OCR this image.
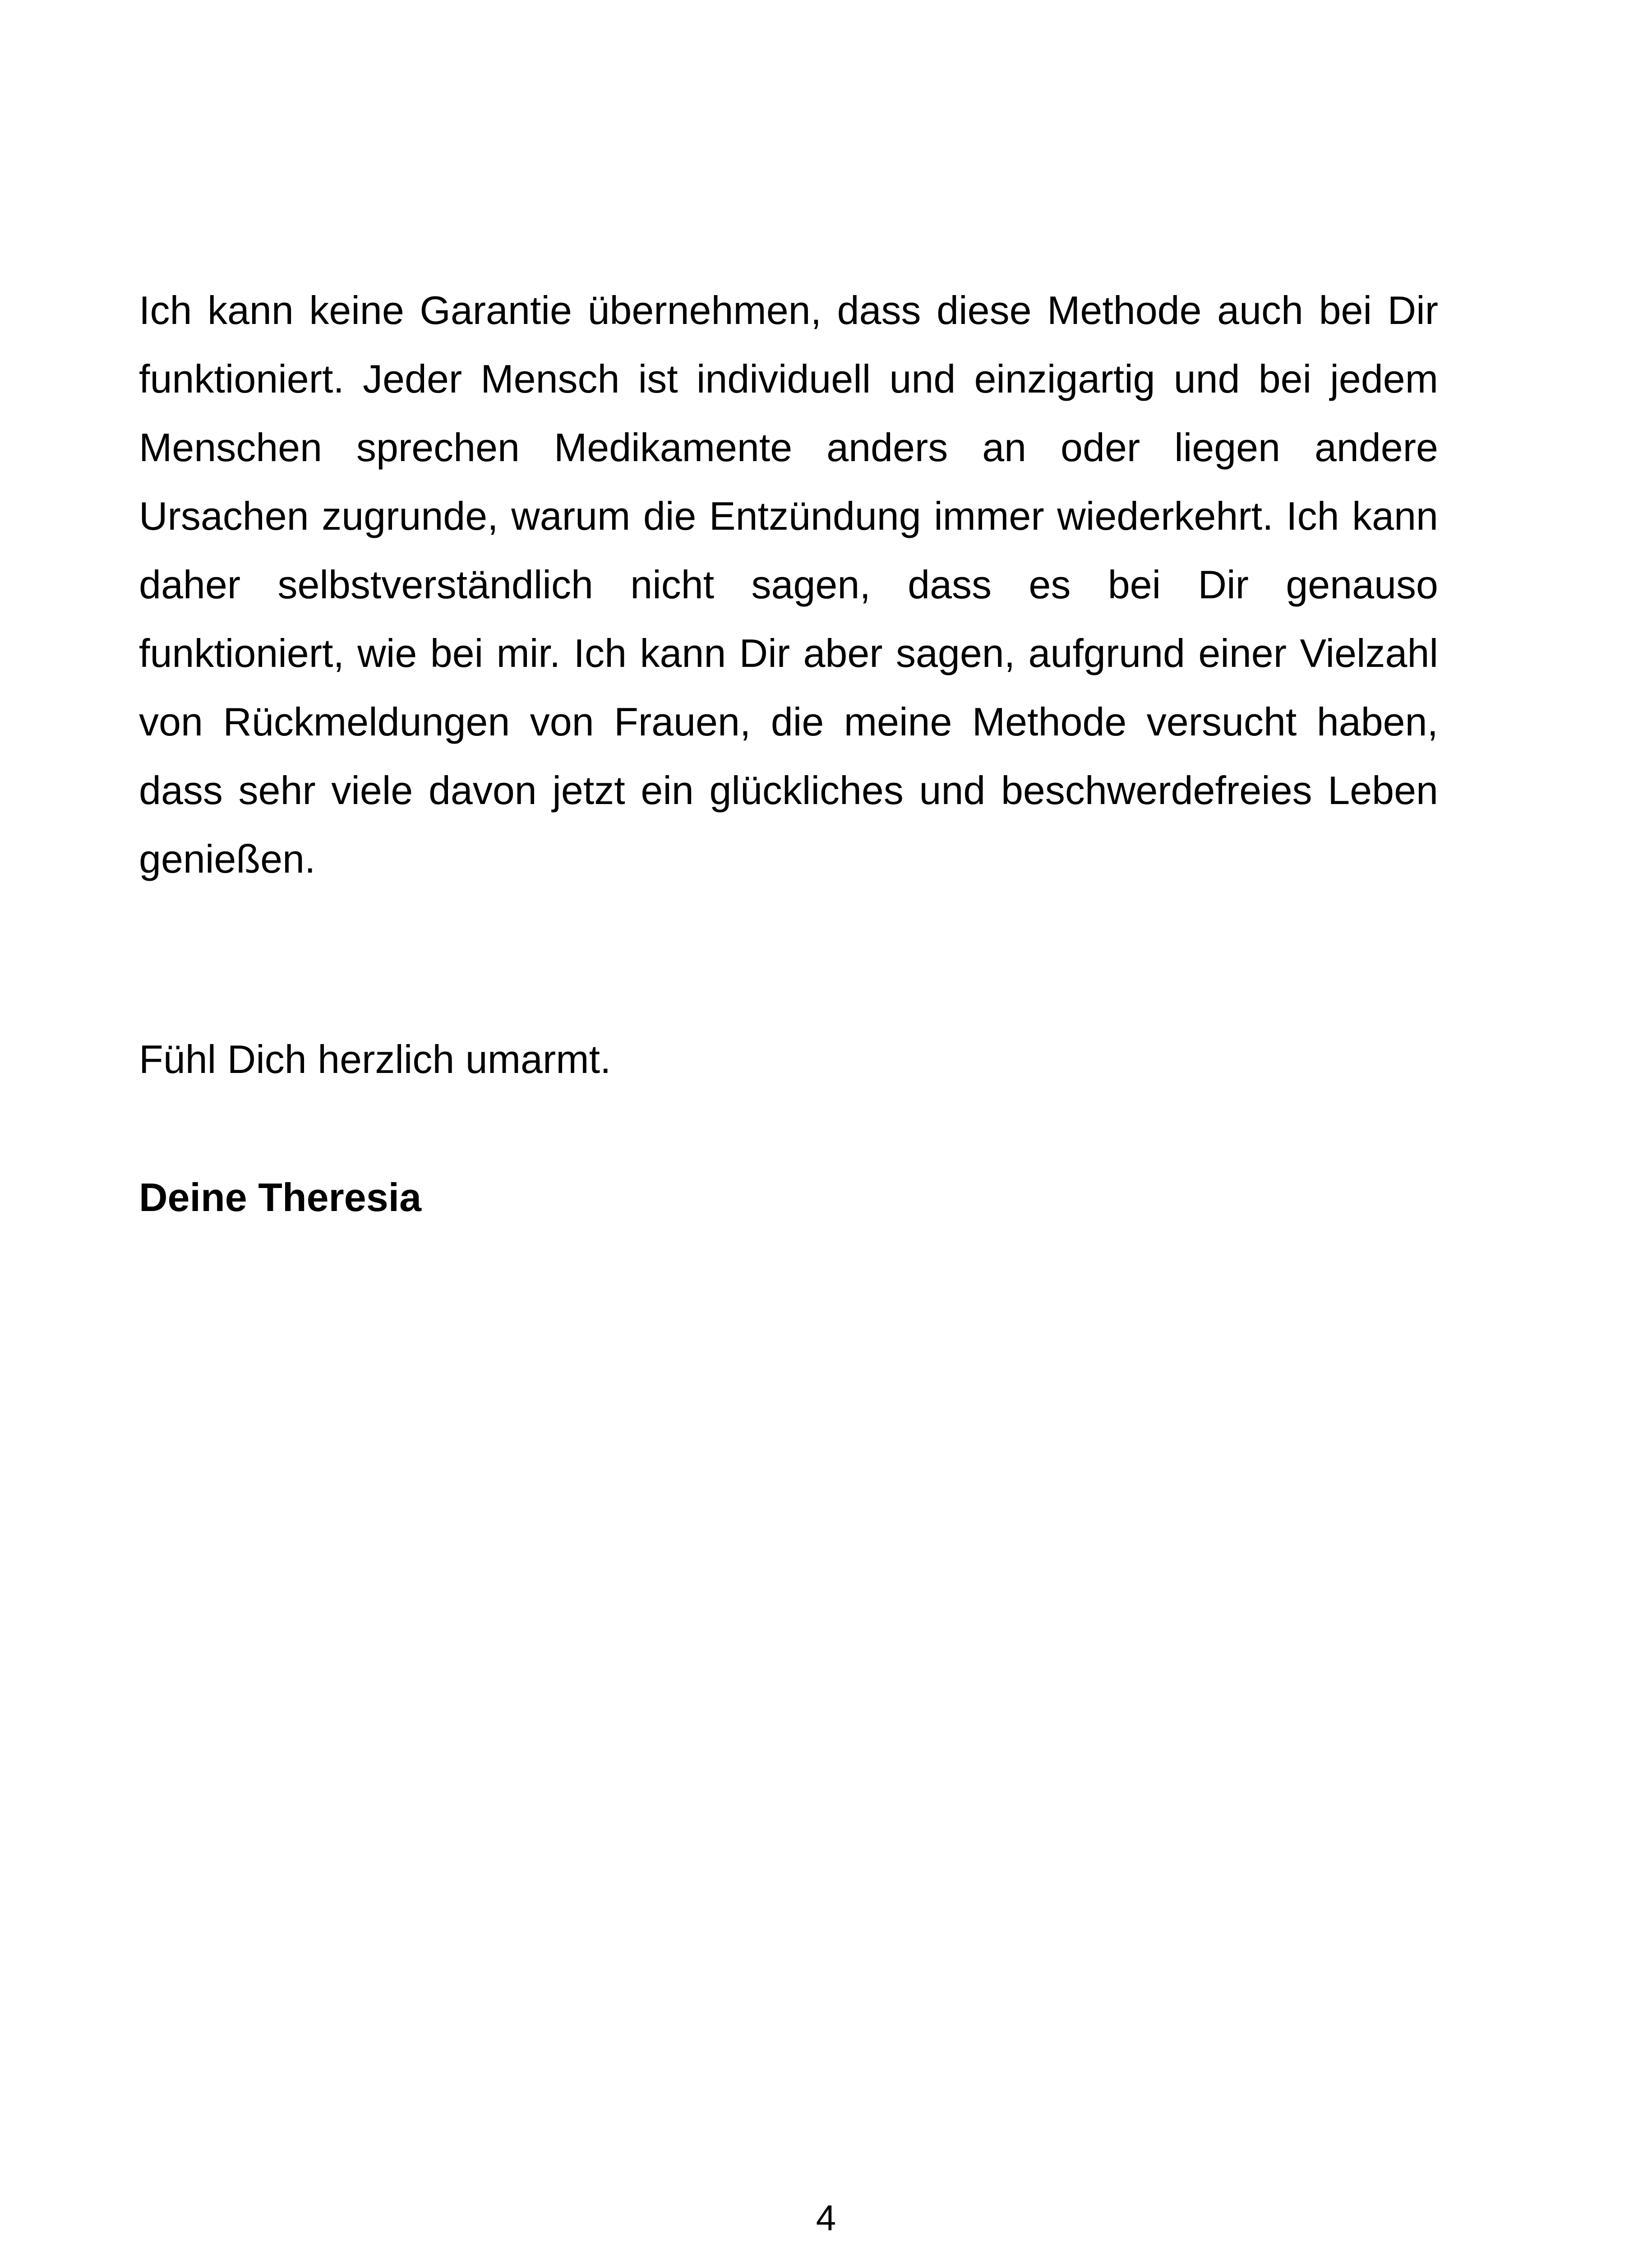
Ich kann keine Garantie übernehmen, dass diese Methode auch bei Dir funktioniert. Jeder Mensch ist individuell und einzigartig und bei jedem Menschen sprechen Medikamente anders an oder liegen andere Ursachen zugrunde, warum die Entzündung immer wiederkehrt. Ich kann daher selbstverständlich nicht sagen, dass es bei Dir genauso funktioniert, wie bei mir. Ich kann Dir aber sagen, aufgrund einer Vielzahl von Rückmeldungen von Frauen, die meine Methode versucht haben, dass sehr viele davon jetzt ein glückliches und beschwerdefreies Leben genießen.

Fühl Dich herzlich umarmt.

Deine Theresia

4
